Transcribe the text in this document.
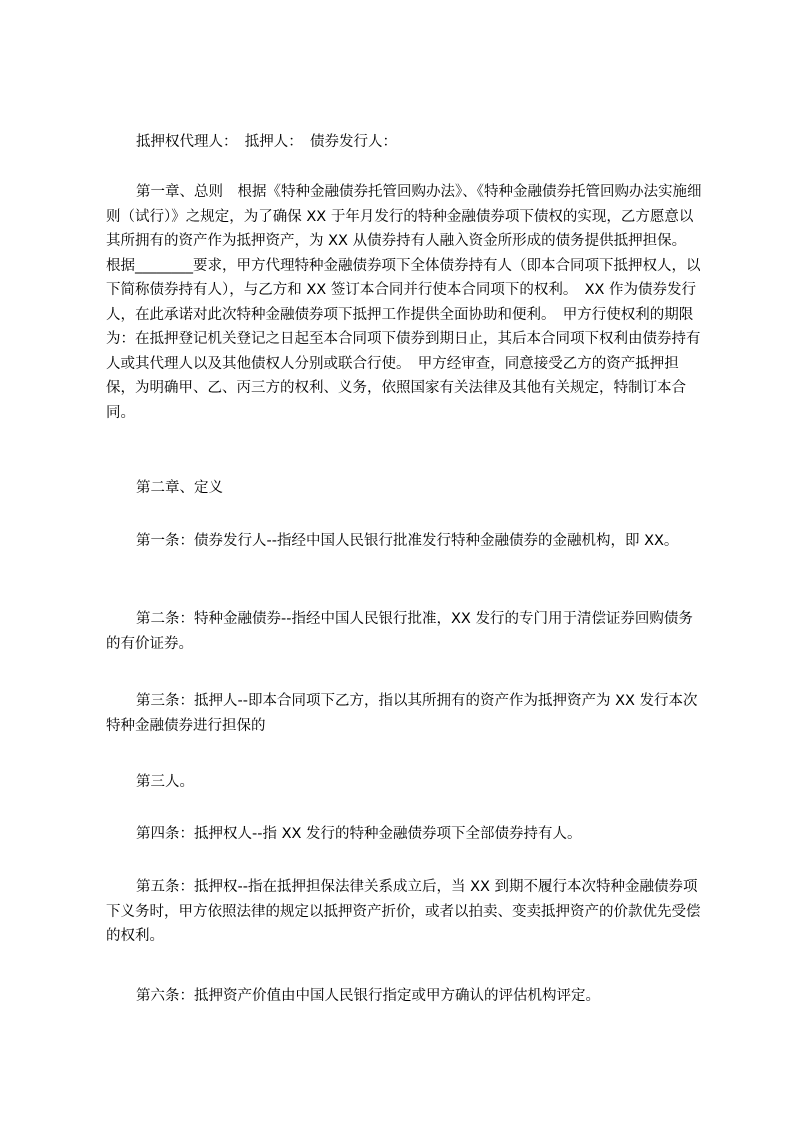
抵押权代理人：　抵押人：　债券发行人：

第一章、总则　根据《特种金融债券托管回购办法》、《特种金融债券托管回购办法实施细则（试行）》之规定，为了确保 XX 于年月发行的特种金融债券项下债权的实现，乙方愿意以其所拥有的资产作为抵押资产，为 XX 从债券持有人融入资金所形成的债务提供抵押担保。　根据________要求，甲方代理特种金融债券项下全体债券持有人（即本合同项下抵押权人，以下简称债券持有人），与乙方和 XX 签订本合同并行使本合同项下的权利。　XX 作为债券发行人，在此承诺对此次特种金融债券项下抵押工作提供全面协助和便利。　甲方行使权利的期限为：在抵押登记机关登记之日起至本合同项下债券到期日止，其后本合同项下权利由债券持有人或其代理人以及其他债权人分别或联合行使。　甲方经审查，同意接受乙方的资产抵押担保，为明确甲、乙、丙三方的权利、义务，依照国家有关法律及其他有关规定，特制订本合同。

第二章、定义

第一条：债券发行人--指经中国人民银行批准发行特种金融债券的金融机构，即 XX。

第二条：特种金融债券--指经中国人民银行批准，XX 发行的专门用于清偿证券回购债务的有价证券。

第三条：抵押人--即本合同项下乙方，指以其所拥有的资产作为抵押资产为 XX 发行本次特种金融债券进行担保的

第三人。

第四条：抵押权人--指 XX 发行的特种金融债券项下全部债券持有人。

第五条：抵押权--指在抵押担保法律关系成立后，当 XX 到期不履行本次特种金融债券项下义务时，甲方依照法律的规定以抵押资产折价，或者以拍卖、变卖抵押资产的价款优先受偿的权利。

第六条：抵押资产价值由中国人民银行指定或甲方确认的评估机构评定。
